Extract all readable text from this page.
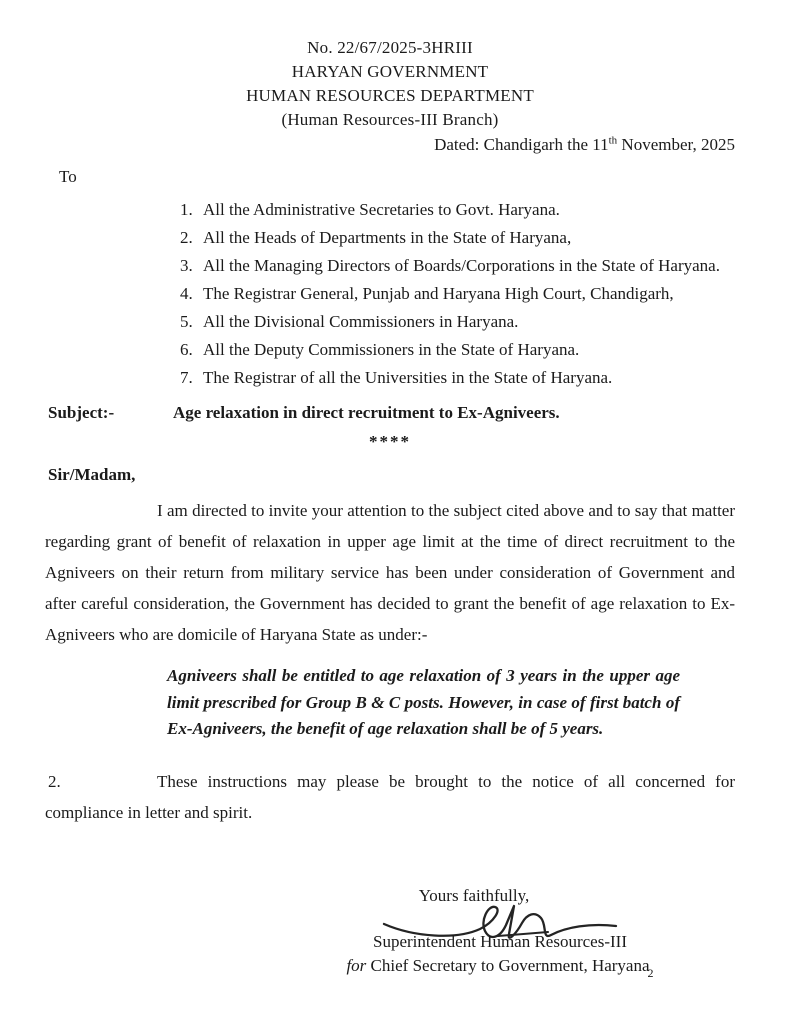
No. 22/67/2025-3HRIII
HARYAN GOVERNMENT
HUMAN RESOURCES DEPARTMENT
(Human Resources-III Branch)
Dated: Chandigarh the 11th November, 2025
To
1. All the Administrative Secretaries to Govt. Haryana.
2. All the Heads of Departments in the State of Haryana,
3. All the Managing Directors of Boards/Corporations in the State of Haryana.
4. The Registrar General, Punjab and Haryana High Court, Chandigarh,
5. All the Divisional Commissioners in Haryana.
6. All the Deputy Commissioners in the State of Haryana.
7. The Registrar of all the Universities in the State of Haryana.
Subject:-	Age relaxation in direct recruitment to Ex-Agniveers.
****
Sir/Madam,

I am directed to invite your attention to the subject cited above and to say that matter regarding grant of benefit of relaxation in upper age limit at the time of direct recruitment to the Agniveers on their return from military service has been under consideration of Government and after careful consideration, the Government has decided to grant the benefit of age relaxation to Ex-Agniveers who are domicile of Haryana State as under:-

Agniveers shall be entitled to age relaxation of 3 years in the upper age limit prescribed for Group B & C posts. However, in case of first batch of Ex-Agniveers, the benefit of age relaxation shall be of 5 years.

2.	These instructions may please be brought to the notice of all concerned for compliance in letter and spirit.

Yours faithfully,
Superintendent Human Resources-III
for Chief Secretary to Government, Haryana$_2$
